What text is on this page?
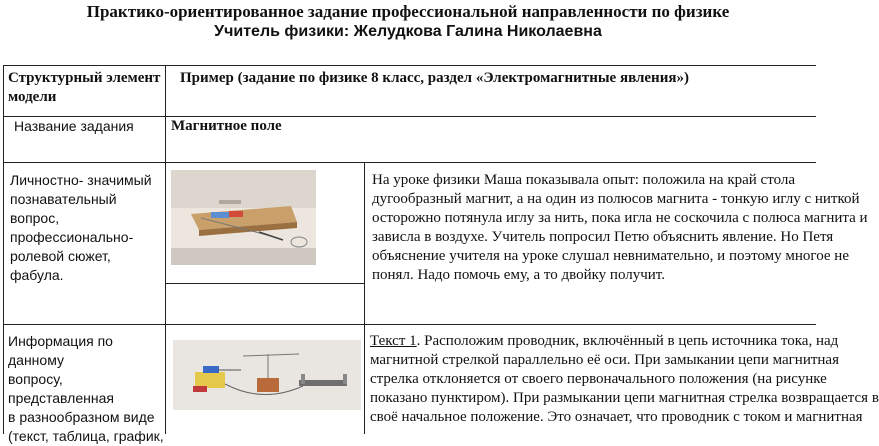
Практико-ориентированное задание профессиональной направленности по физике
Учитель физики: Желудкова Галина Николаевна
Структурный элемент
модели
Пример (задание по физике 8 класс, раздел «Электромагнитные явления»)
Название задания	Магнитное поле
Личностно- значимый
познавательный вопрос,
профессионально-
ролевой сюжет, фабула.
На уроке физики Маша показывала опыт: положила на край стола
дугообразный магнит, а на один из полюсов магнита - тонкую иглу с ниткой
осторожно потянула иглу за нить, пока игла не соскочила с полюса магнита и
зависла в воздухе. Учитель попросил Петю объяснить явление. Но Петя
объяснение учителя на уроке слушал невнимательно, и поэтому многое не
понял. Надо помочь ему, а то двойку получит.
Информация по данному
вопросу, представленная
в разнообразном виде
(текст, таблица, график,
Текст 1. Расположим проводник, включённый в цепь источника тока, над
магнитной стрелкой параллельно её оси. При замыкании цепи магнитная
стрелка отклоняется от своего первоначального положения (на рисунке
показано пунктиром). При размыкании цепи магнитная стрелка возвращается в
своё начальное положение. Это означает, что проводник с током и магнитная
